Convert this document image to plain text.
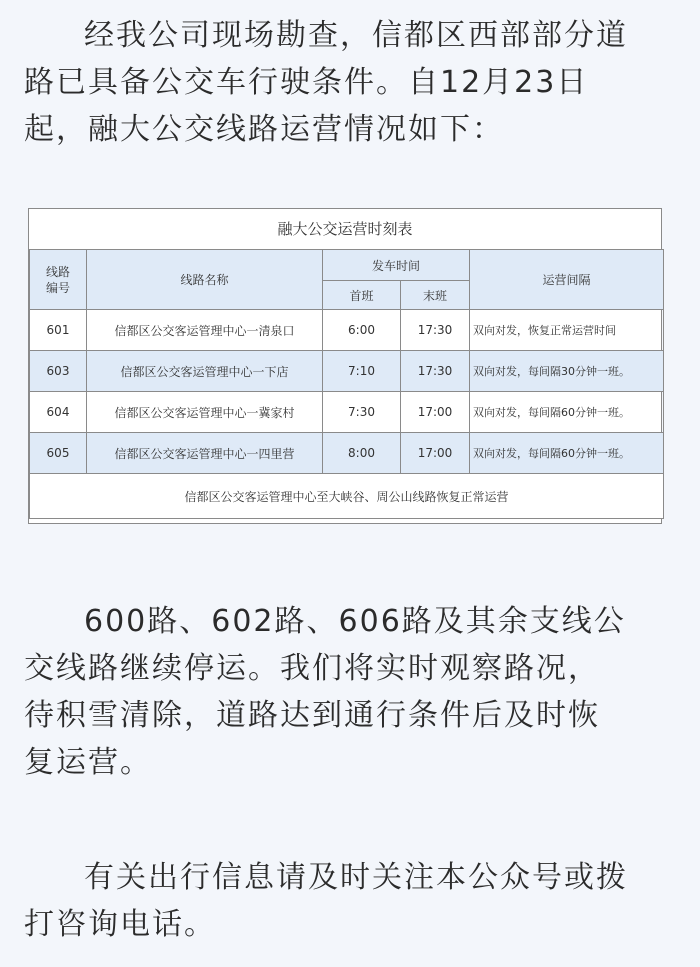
经我公司现场勘查，信都区西部部分道
路已具备公交车行驶条件。自12月23日
起，融大公交线路运营情况如下：

融大公交运营时刻表
线路编号	线路名称	发车时间		运营间隔
		首班	末班	
601	信都区公交客运管理中心一清泉口	6:00	17:30	双向对发，恢复正常运营时间
603	信都区公交客运管理中心一下店	7:10	17:30	双向对发，每间隔30分钟一班。
604	信都区公交客运管理中心一冀家村	7:30	17:00	双向对发，每间隔60分钟一班。
605	信都区公交客运管理中心一四里营	8:00	17:00	双向对发，每间隔60分钟一班。
信都区公交客运管理中心至大峡谷、周公山线路恢复正常运营				

600路、602路、606路及其余支线公
交线路继续停运。我们将实时观察路况，
待积雪清除，道路达到通行条件后及时恢
复运营。

有关出行信息请及时关注本公众号或拨
打咨询电话。
